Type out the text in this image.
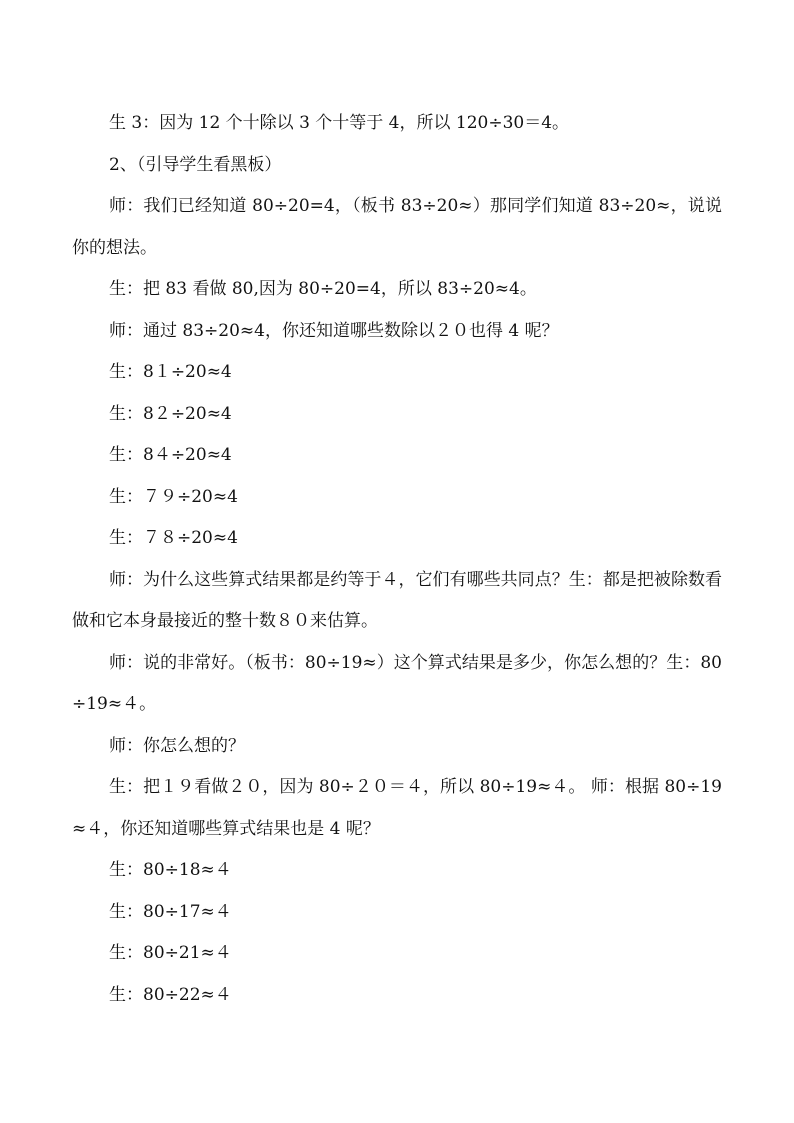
生 3：因为 12 个十除以 3 个十等于 4，所以 120÷30＝4。

2、（引导学生看黑板）

师：我们已经知道 80÷20=4，（板书 83÷20≈）那同学们知道 83÷20≈，说说你的想法。

生：把 83 看做 80,因为 80÷20=4，所以 83÷20≈4。

师：通过 83÷20≈4，你还知道哪些数除以２０也得 4 呢？

生：8１÷20≈4

生：8２÷20≈4

生：8４÷20≈4

生：７９÷20≈4

生：７８÷20≈4

师：为什么这些算式结果都是约等于４，它们有哪些共同点？生：都是把被除数看做和它本身最接近的整十数８０来估算。

师：说的非常好。（板书：80÷19≈）这个算式结果是多少，你怎么想的？生：80÷19≈４。

师：你怎么想的？

生：把１９看做２０，因为 80÷２０＝４，所以 80÷19≈４。 师：根据 80÷19≈４，你还知道哪些算式结果也是 4 呢？

生：80÷18≈４

生：80÷17≈４

生：80÷21≈４

生：80÷22≈４
